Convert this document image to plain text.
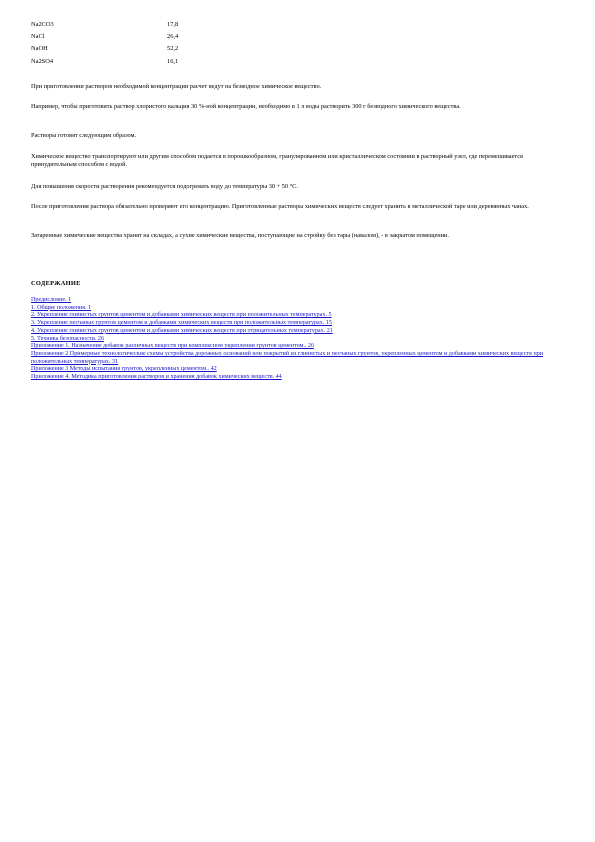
Na2CO3	17,8
NaCl	26,4
NaOH	52,2
Na2SO4	16,1

При приготовлении растворов необходимой концентрации расчет ведут на безводное химическое вещество.

Например, чтобы приготовить раствор хлористого кальция 30 %-ной концентрации, необходимо в 1 л воды растворить 300 г безводного химического вещества.

Растворы готовят следующим образом.

Химическое вещество транспортируют или другим способом подается в порошкообразном, гранулированном или кристаллическом состоянии в растворный узел, где перемешивается принудительным способом с водой.

Для повышения скорости растворения рекомендуется подогревать воду до температуры 30 + 50 °С.

После приготовления раствора обязательно проверяют его концентрацию. Приготовленные растворы химических веществ следует хранить в металлической таре или деревянных чанах.

Затаренные химические вещества хранят на складах, а сухие химические вещества, поступающие на стройку без тары (навалом), - в закрытом помещении.

СОДЕРЖАНИЕ

Предисловие. 1
1. Общие положения. 1
2. Укрепление глинистых грунтов цементом и добавками химических веществ при положительных температурах. 5
3. Укрепление песчаных грунтов цементом и добавками химических веществ при положительных температурах. 15
4. Укрепление глинистых грунтов цементом и добавками химических веществ при отрицательных температурах. 21
5. Техника безопасности. 26
Приложение 1. Назначение добавок различных веществ при комплексном укреплении грунтов цементом.. 26
Приложение 2 Примерные технологические схемы устройства дорожных оснований или покрытий из глинистых и песчаных грунтов, укрепленных цементом и добавками химических веществ при положительных температурах. 31
Приложение 3 Методы испытания грунтов, укрепленных цементом.. 42
Приложение 4. Методика приготовления растворов и хранения добавок химических веществ. 44
